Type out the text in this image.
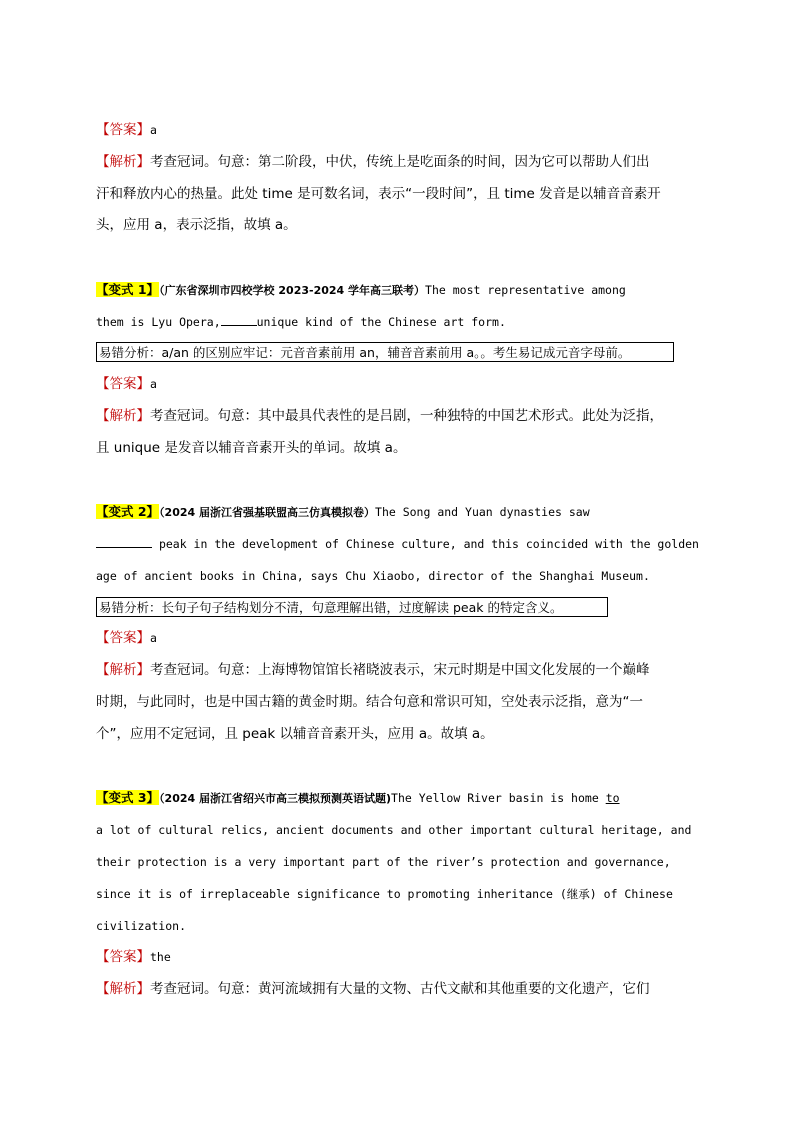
【答案】a
【解析】考查冠词。句意：第二阶段，中伏，传统上是吃面条的时间，因为它可以帮助人们出
汗和释放内心的热量。此处 time 是可数名词，表示“一段时间”，且 time 发音是以辅音音素开
头，应用 a，表示泛指，故填 a。
【变式 1】（广东省深圳市四校学校 2023-2024 学年高三联考）The most representative among
them is Lyu Opera,	unique kind of the Chinese art form.
易错分析：a/an 的区别应牢记：元音音素前用 an，辅音音素前用 a。。考生易记成元音字母前。
【答案】a
【解析】考查冠词。句意：其中最具代表性的是吕剧，一种独特的中国艺术形式。此处为泛指，
且 unique 是发音以辅音音素开头的单词。故填 a。
【变式 2】（2024 届浙江省强基联盟高三仿真模拟卷）The Song and Yuan dynasties saw
peak in the development of Chinese culture, and this coincided with the golden
age of ancient books in China, says Chu Xiaobo, director of the Shanghai Museum.
易错分析：长句子句子结构划分不清，句意理解出错，过度解读 peak 的特定含义。
【答案】a
【解析】考查冠词。句意：上海博物馆馆长褚晓波表示，宋元时期是中国文化发展的一个巅峰
时期，与此同时，也是中国古籍的黄金时期。结合句意和常识可知，空处表示泛指，意为“一
个”，应用不定冠词，且 peak 以辅音音素开头，应用 a。故填 a。
【变式 3】（2024 届浙江省绍兴市高三模拟预测英语试题)The Yellow River basin is home to
a lot of cultural relics, ancient documents and other important cultural heritage, and
their protection is a very important part of the river’s protection and governance,
since it is of irreplaceable significance to promoting inheritance (继承) of Chinese
civilization.
【答案】the
【解析】考查冠词。句意：黄河流域拥有大量的文物、古代文献和其他重要的文化遗产，它们
